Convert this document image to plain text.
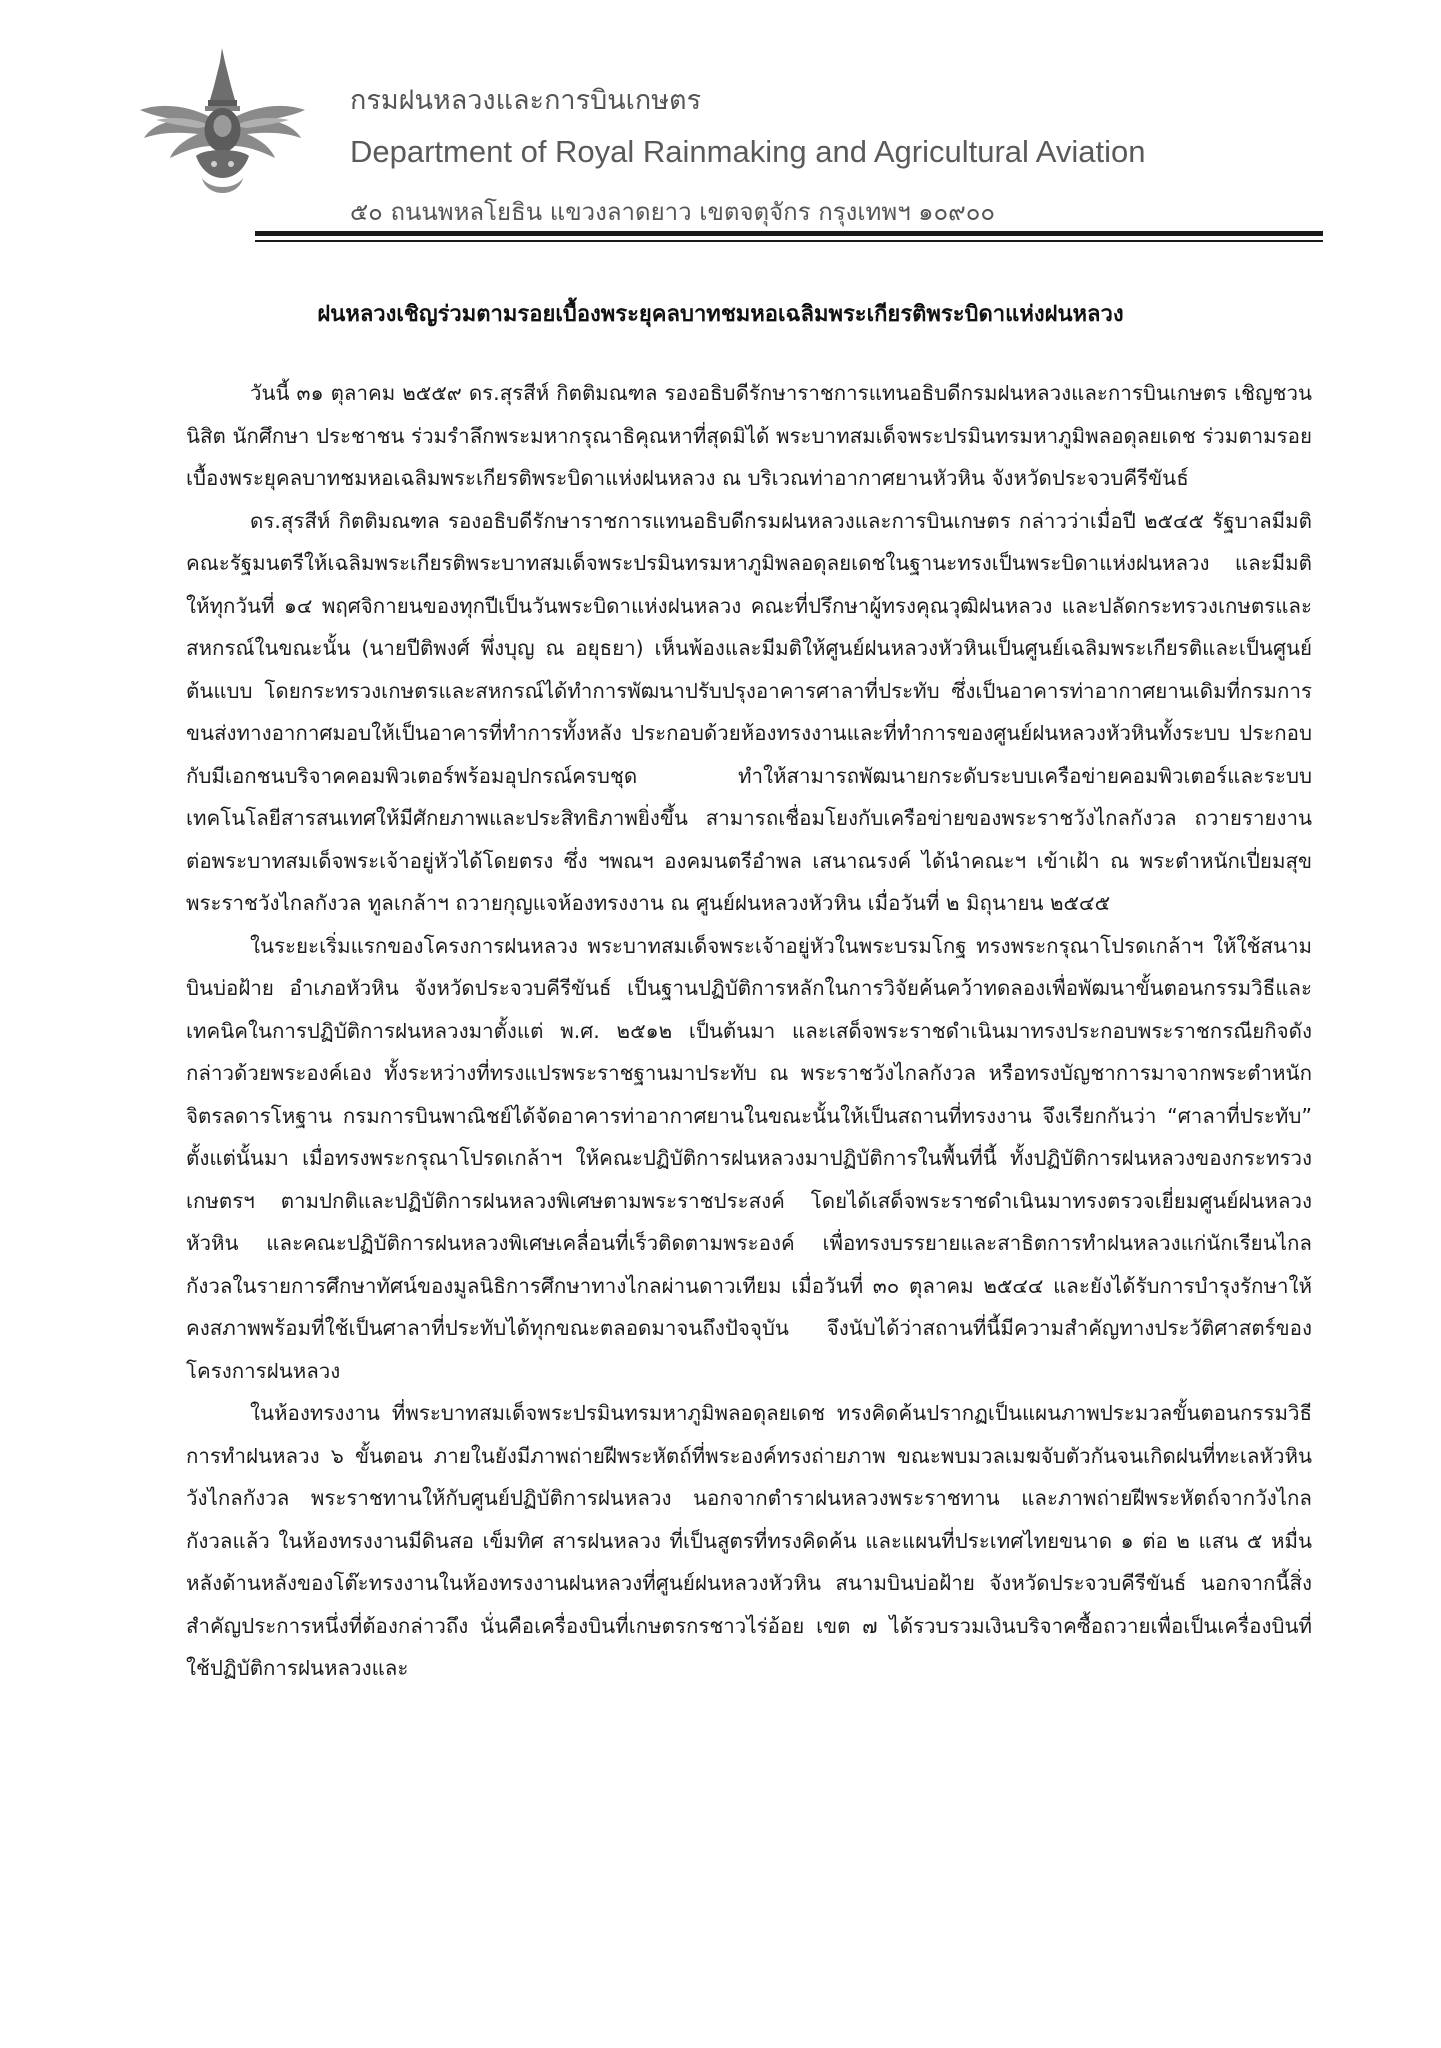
กรมฝนหลวงและการบินเกษตร
Department of Royal Rainmaking and Agricultural Aviation
๕๐ ถนนพหลโยธิน แขวงลาดยาว เขตจตุจักร กรุงเทพฯ ๑๐๙๐๐
ฝนหลวงเชิญร่วมตามรอยเบื้องพระยุคลบาทชมหอเฉลิมพระเกียรติพระบิดาแห่งฝนหลวง

วันนี้ ๓๑ ตุลาคม ๒๕๕๙ ดร.สุรสีห์ กิตติมณฑล รองอธิบดีรักษาราชการแทนอธิบดีกรมฝนหลวงและการบินเกษตร เชิญชวนนิสิต นักศึกษา ประชาชน ร่วมรำลึกพระมหากรุณาธิคุณหาที่สุดมิได้ พระบาทสมเด็จพระปรมินทรมหาภูมิพลอดุลยเดช ร่วมตามรอยเบื้องพระยุคลบาทชมหอเฉลิมพระเกียรติพระบิดาแห่งฝนหลวง ณ บริเวณท่าอากาศยานหัวหิน จังหวัดประจวบคีรีขันธ์

ดร.สุรสีห์ กิตติมณฑล รองอธิบดีรักษาราชการแทนอธิบดีกรมฝนหลวงและการบินเกษตร กล่าวว่าเมื่อปี ๒๕๔๕ รัฐบาลมีมติคณะรัฐมนตรีให้เฉลิมพระเกียรติพระบาทสมเด็จพระปรมินทรมหาภูมิพลอดุลยเดชในฐานะทรงเป็นพระบิดาแห่งฝนหลวง และมีมติให้ทุกวันที่ ๑๔ พฤศจิกายนของทุกปีเป็นวันพระบิดาแห่งฝนหลวง คณะที่ปรึกษาผู้ทรงคุณวุฒิฝนหลวง และปลัดกระทรวงเกษตรและสหกรณ์ในขณะนั้น (นายปีติพงศ์ พึ่งบุญ ณ อยุธยา) เห็นพ้องและมีมติให้ศูนย์ฝนหลวงหัวหินเป็นศูนย์เฉลิมพระเกียรติและเป็นศูนย์ต้นแบบ โดยกระทรวงเกษตรและสหกรณ์ได้ทำการพัฒนาปรับปรุงอาคารศาลาที่ประทับ ซึ่งเป็นอาคารท่าอากาศยานเดิมที่กรมการขนส่งทางอากาศมอบให้เป็นอาคารที่ทำการทั้งหลัง ประกอบด้วยห้องทรงงานและที่ทำการของศูนย์ฝนหลวงหัวหินทั้งระบบ ประกอบกับมีเอกชนบริจาคคอมพิวเตอร์พร้อมอุปกรณ์ครบชุด ทำให้สามารถพัฒนายกระดับระบบเครือข่ายคอมพิวเตอร์และระบบเทคโนโลยีสารสนเทศให้มีศักยภาพและประสิทธิภาพยิ่งขึ้น สามารถเชื่อมโยงกับเครือข่ายของพระราชวังไกลกังวล ถวายรายงานต่อพระบาทสมเด็จพระเจ้าอยู่หัวได้โดยตรง ซึ่ง ฯพณฯ องคมนตรีอำพล เสนาณรงค์ ได้นำคณะฯ เข้าเฝ้า ณ พระตำหนักเปี่ยมสุข พระราชวังไกลกังวล ทูลเกล้าฯ ถวายกุญแจห้องทรงงาน ณ ศูนย์ฝนหลวงหัวหิน เมื่อวันที่ ๒ มิถุนายน ๒๕๔๕

ในระยะเริ่มแรกของโครงการฝนหลวง พระบาทสมเด็จพระเจ้าอยู่หัวในพระบรมโกฐ ทรงพระกรุณาโปรดเกล้าฯ ให้ใช้สนามบินบ่อฝ้าย อำเภอหัวหิน จังหวัดประจวบคีรีขันธ์ เป็นฐานปฏิบัติการหลักในการวิจัยค้นคว้าทดลองเพื่อพัฒนาขั้นตอนกรรมวิธีและเทคนิคในการปฏิบัติการฝนหลวงมาตั้งแต่ พ.ศ. ๒๕๑๒ เป็นต้นมา และเสด็จพระราชดำเนินมาทรงประกอบพระราชกรณียกิจดังกล่าวด้วยพระองค์เอง ทั้งระหว่างที่ทรงแปรพระราชฐานมาประทับ ณ พระราชวังไกลกังวล หรือทรงบัญชาการมาจากพระตำหนักจิตรลดารโหฐาน กรมการบินพาณิชย์ได้จัดอาคารท่าอากาศยานในขณะนั้นให้เป็นสถานที่ทรงงาน จึงเรียกกันว่า “ศาลาที่ประทับ” ตั้งแต่นั้นมา เมื่อทรงพระกรุณาโปรดเกล้าฯ ให้คณะปฏิบัติการฝนหลวงมาปฏิบัติการในพื้นที่นี้ ทั้งปฏิบัติการฝนหลวงของกระทรวงเกษตรฯ ตามปกติและปฏิบัติการฝนหลวงพิเศษตามพระราชประสงค์ โดยได้เสด็จพระราชดำเนินมาทรงตรวจเยี่ยมศูนย์ฝนหลวงหัวหิน และคณะปฏิบัติการฝนหลวงพิเศษเคลื่อนที่เร็วติดตามพระองค์ เพื่อทรงบรรยายและสาธิตการทำฝนหลวงแก่นักเรียนไกลกังวลในรายการศึกษาทัศน์ของมูลนิธิการศึกษาทางไกลผ่านดาวเทียม เมื่อวันที่ ๓๐ ตุลาคม ๒๕๔๔ และยังได้รับการบำรุงรักษาให้คงสภาพพร้อมที่ใช้เป็นศาลาที่ประทับได้ทุกขณะตลอดมาจนถึงปัจจุบัน จึงนับได้ว่าสถานที่นี้มีความสำคัญทางประวัติศาสตร์ของโครงการฝนหลวง

ในห้องทรงงาน ที่พระบาทสมเด็จพระปรมินทรมหาภูมิพลอดุลยเดช ทรงคิดค้นปรากฏเป็นแผนภาพประมวลขั้นตอนกรรมวิธี การทำฝนหลวง ๖ ขั้นตอน ภายในยังมีภาพถ่ายฝีพระหัตถ์ที่พระองค์ทรงถ่ายภาพ ขณะพบมวลเมฆจับตัวกันจนเกิดฝนที่ทะเลหัวหิน วังไกลกังวล พระราชทานให้กับศูนย์ปฏิบัติการฝนหลวง นอกจากตำราฝนหลวงพระราชทาน และภาพถ่ายฝีพระหัตถ์จากวังไกลกังวลแล้ว ในห้องทรงงานมีดินสอ เข็มทิศ สารฝนหลวง ที่เป็นสูตรที่ทรงคิดค้น และแผนที่ประเทศไทยขนาด ๑ ต่อ ๒ แสน ๕ หมื่น หลังด้านหลังของโต๊ะทรงงานในห้องทรงงานฝนหลวงที่ศูนย์ฝนหลวงหัวหิน สนามบินบ่อฝ้าย จังหวัดประจวบคีรีขันธ์ นอกจากนี้สิ่งสำคัญประการหนึ่งที่ต้องกล่าวถึง นั่นคือเครื่องบินที่เกษตรกรชาวไร่อ้อย เขต ๗ ได้รวบรวมเงินบริจาคซื้อถวายเพื่อเป็นเครื่องบินที่ใช้ปฏิบัติการฝนหลวงและ
